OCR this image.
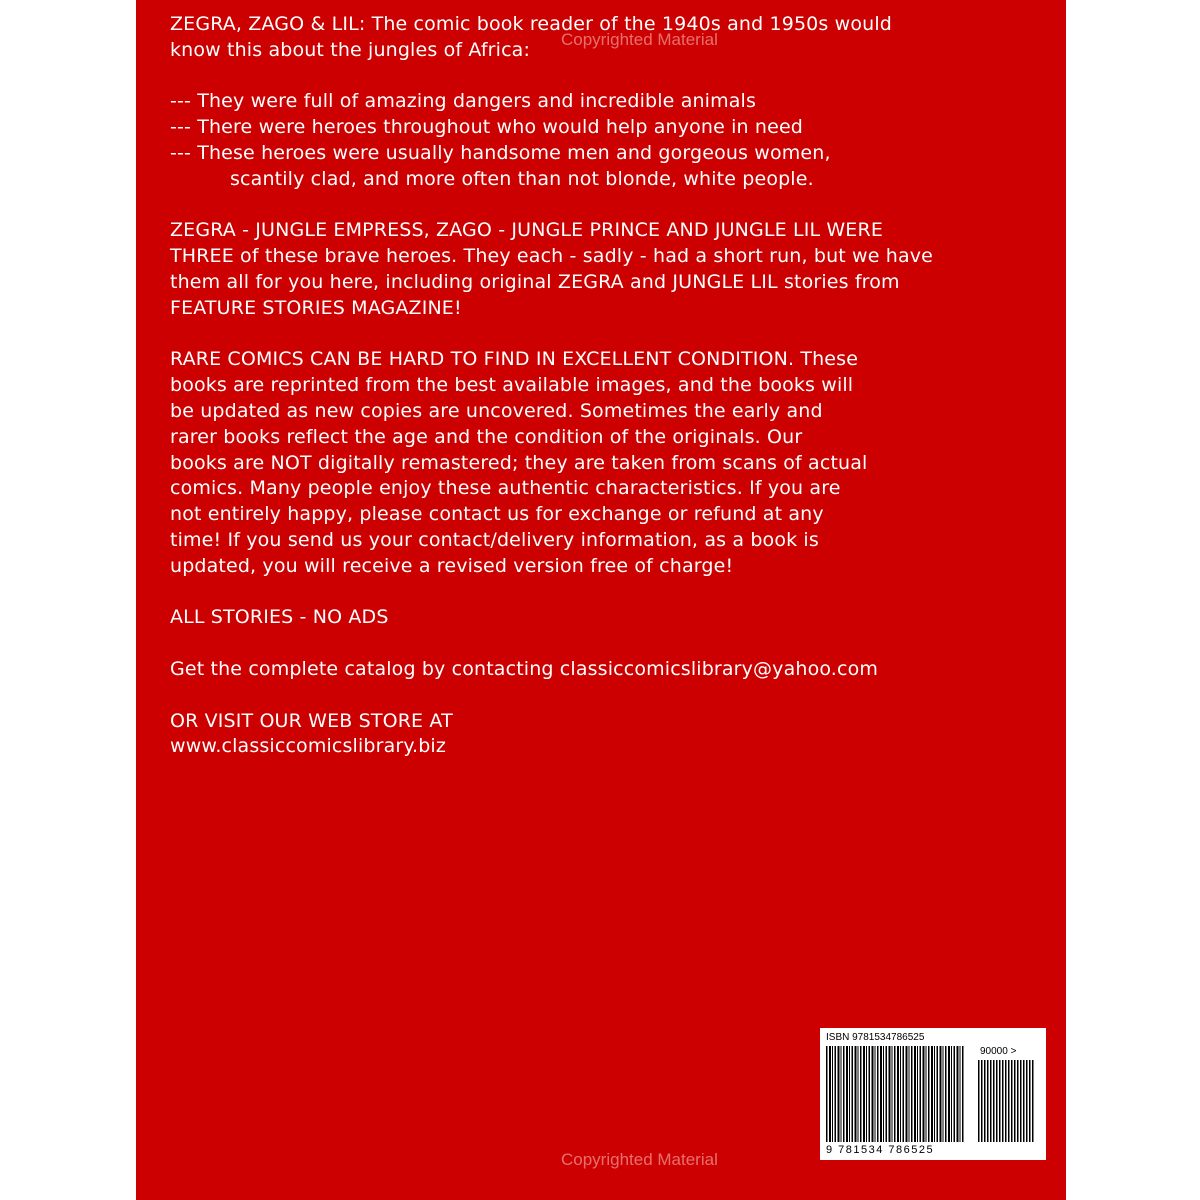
Copyrighted Material

ZEGRA, ZAGO & LIL: The comic book reader of the 1940s and 1950s would
know this about the jungles of Africa:

--- They were full of amazing dangers and incredible animals
--- There were heroes throughout who would help anyone in need
--- These heroes were usually handsome men and gorgeous women,
scantily clad, and more often than not blonde, white people.

ZEGRA - JUNGLE EMPRESS, ZAGO - JUNGLE PRINCE AND JUNGLE LIL WERE
THREE of these brave heroes. They each - sadly - had a short run, but we have
them all for you here, including original ZEGRA and JUNGLE LIL stories from
FEATURE STORIES MAGAZINE!

RARE COMICS CAN BE HARD TO FIND IN EXCELLENT CONDITION. These
books are reprinted from the best available images, and the books will
be updated as new copies are uncovered. Sometimes the early and
rarer books reflect the age and the condition of the originals. Our
books are NOT digitally remastered; they are taken from scans of actual
comics. Many people enjoy these authentic characteristics. If you are
not entirely happy, please contact us for exchange or refund at any
time! If you send us your contact/delivery information, as a book is
updated, you will receive a revised version free of charge!

ALL STORIES - NO ADS

Get the complete catalog by contacting classiccomicslibrary@yahoo.com

OR VISIT OUR WEB STORE AT
www.classiccomicslibrary.biz

ISBN 9781534786525
90000 >
9 781534 786525
Copyrighted Material
